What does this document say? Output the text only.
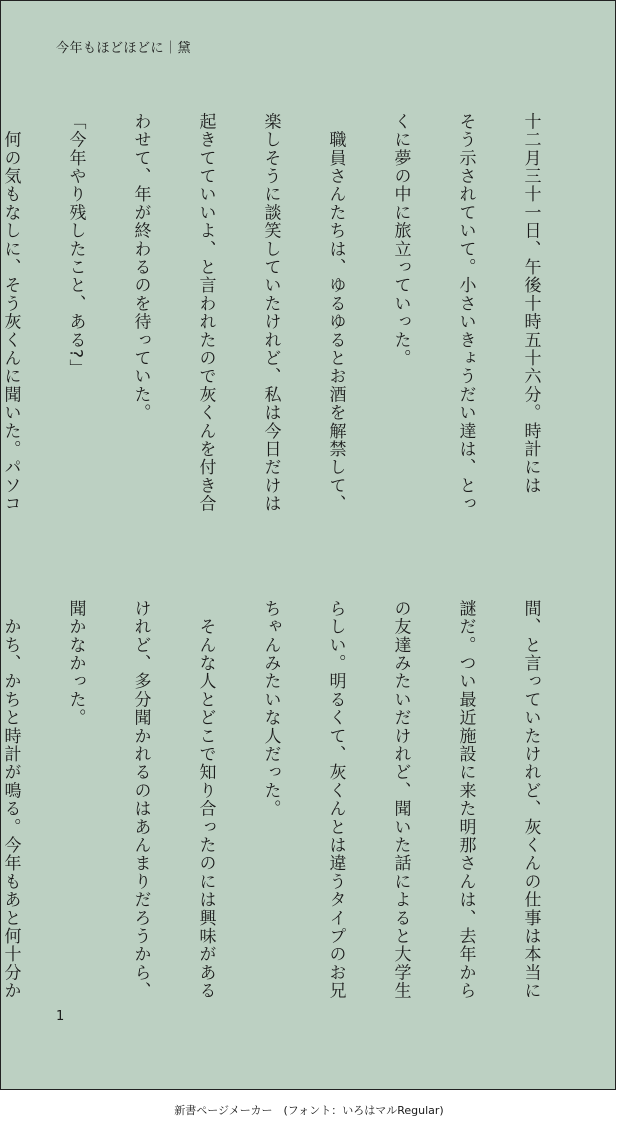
今年もほどほどに｜黛

十二月三十一日、午後十時五十六分。時計には

そう示されていて。小さいきょうだい達は、とっ

くに夢の中に旅立っていった。

　職員さんたちは、ゆるゆるとお酒を解禁して、

楽しそうに談笑していたけれど、私は今日だけは

起きてていいよ、と言われたので灰くんを付き合

わせて、年が終わるのを待っていた。

「今年やり残したこと、ある?」

　何の気もなしに、そう灰くんに聞いた。パソコ

間、と言っていたけれど、灰くんの仕事は本当に

謎だ。つい最近施設に来た明那さんは、去年から

の友達みたいだけれど、聞いた話によると大学生

らしい。明るくて、灰くんとは違うタイプのお兄

ちゃんみたいな人だった。

　そんな人とどこで知り合ったのには興味がある

けれど、多分聞かれるのはあんまりだろうから、

聞かなかった。

　かち、かちと時計が鳴る。今年もあと何十分か

1
新書ページメーカー　(フォント：いろはマルRegular)
